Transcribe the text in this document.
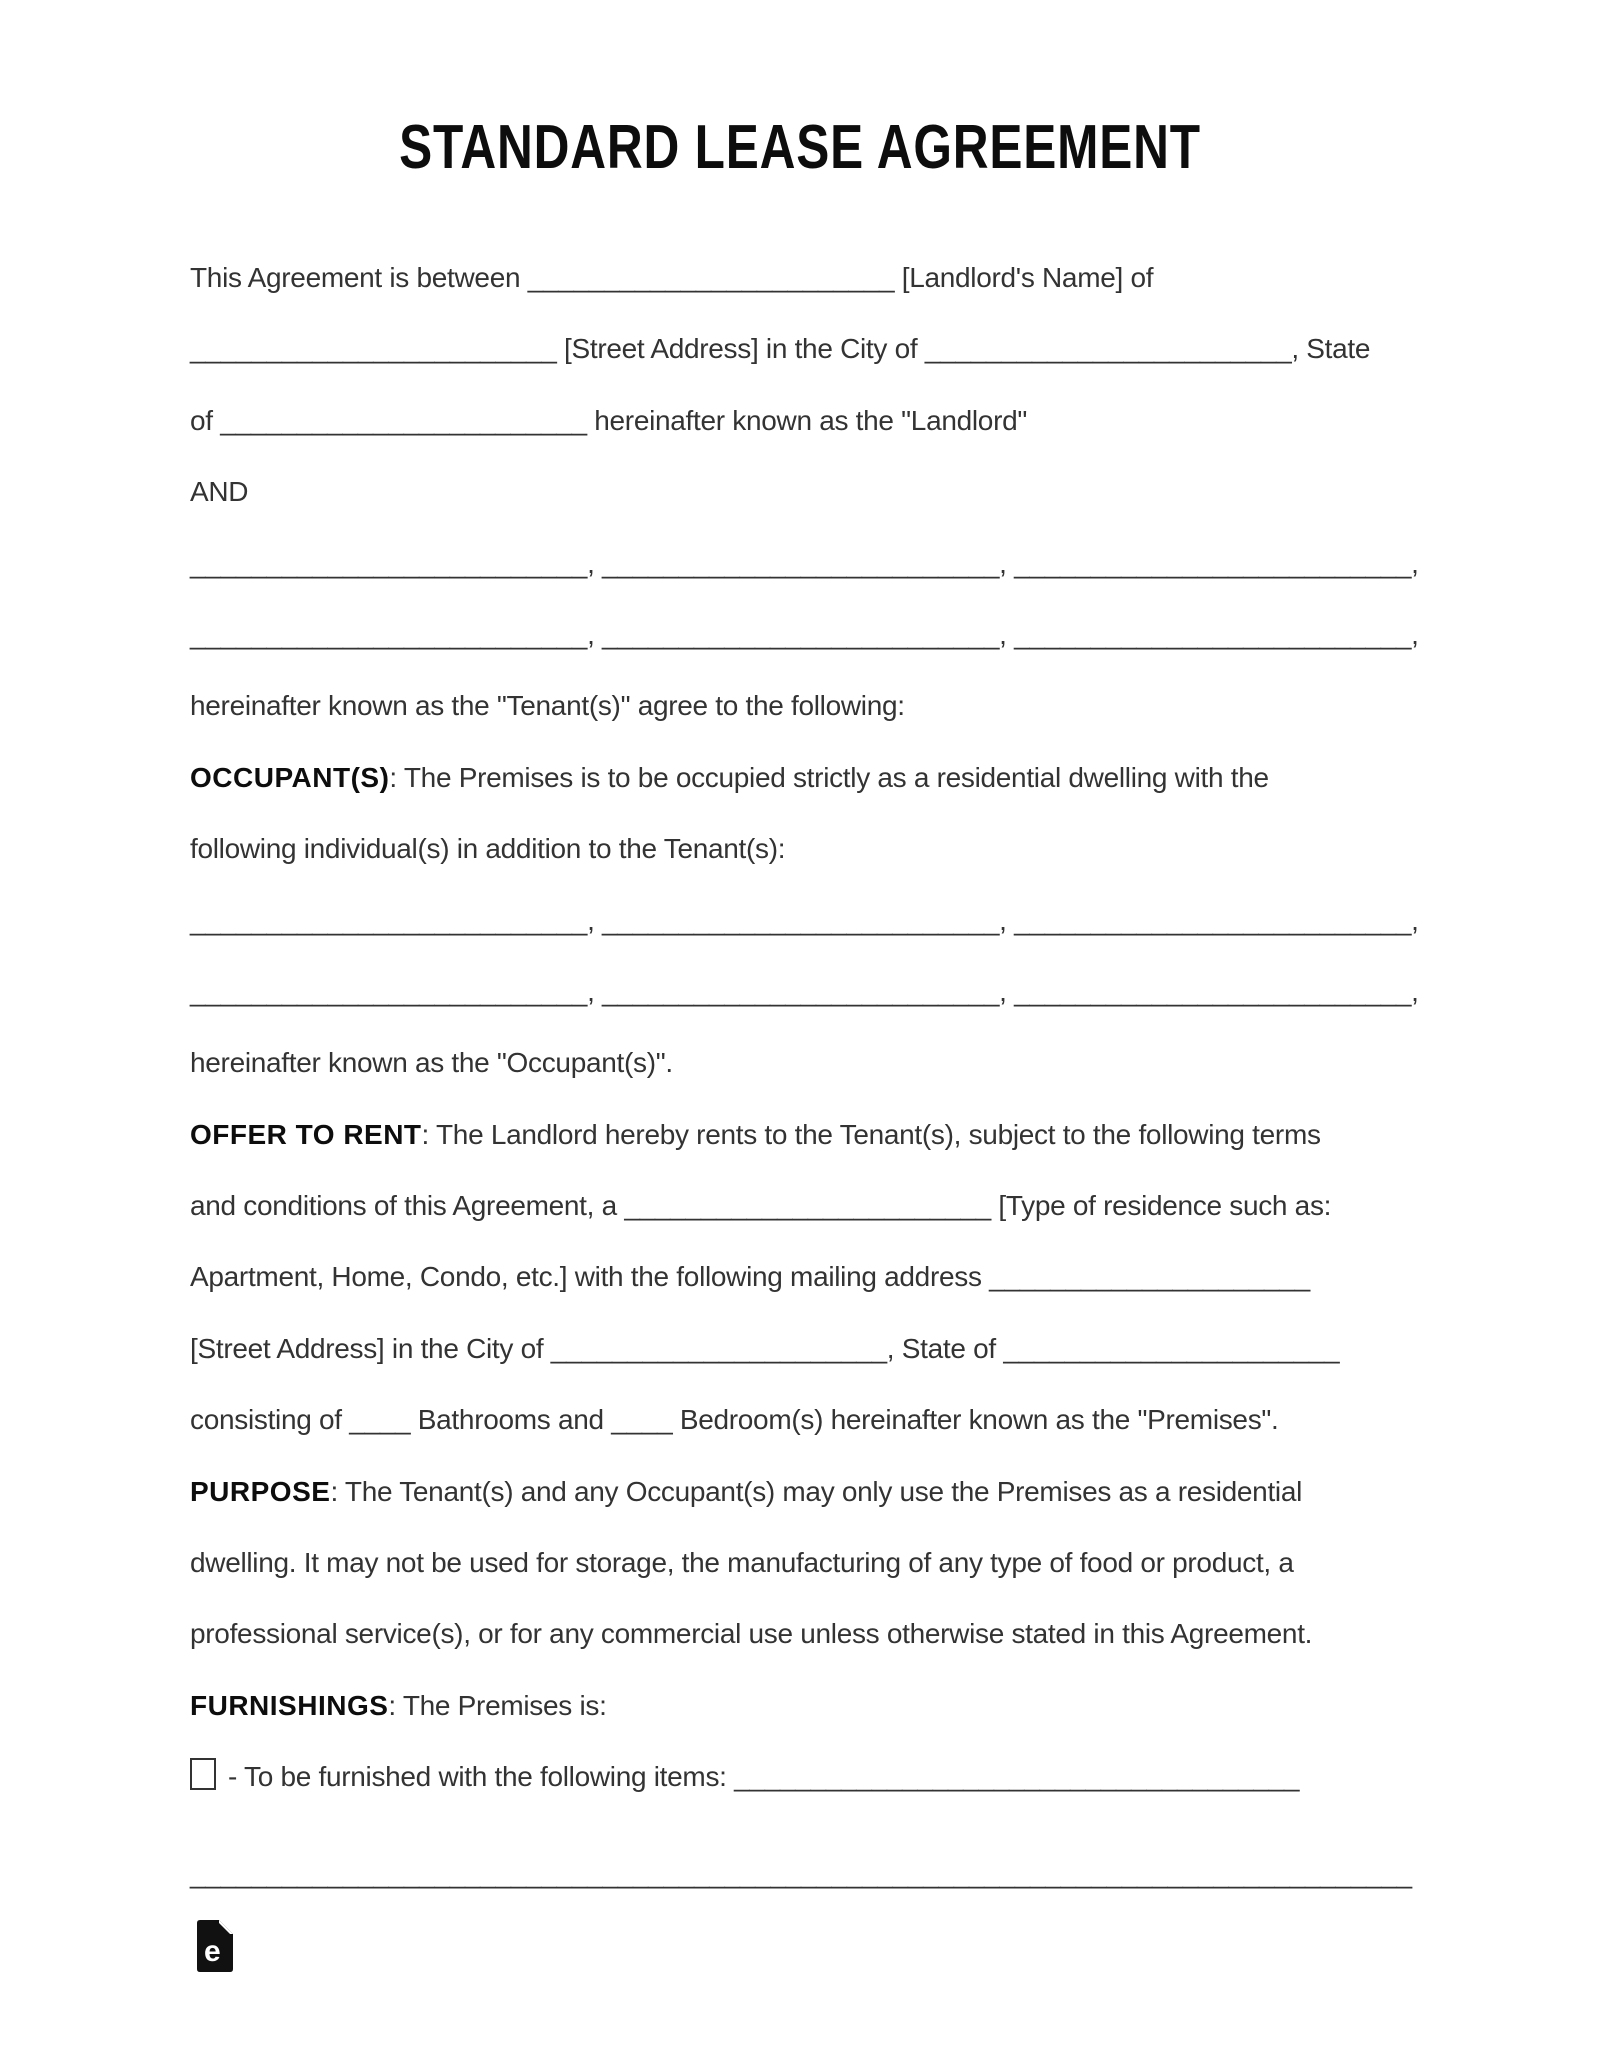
STANDARD LEASE AGREEMENT

This Agreement is between ________________________ [Landlord's Name] of

________________________ [Street Address] in the City of ________________________, State

of ________________________ hereinafter known as the "Landlord"

AND

__________________________, __________________________, __________________________,

__________________________, __________________________, __________________________,

hereinafter known as the "Tenant(s)" agree to the following:

OCCUPANT(S): The Premises is to be occupied strictly as a residential dwelling with the

following individual(s) in addition to the Tenant(s):

__________________________, __________________________, __________________________,

__________________________, __________________________, __________________________,

hereinafter known as the "Occupant(s)".

OFFER TO RENT: The Landlord hereby rents to the Tenant(s), subject to the following terms

and conditions of this Agreement, a ________________________ [Type of residence such as:

Apartment, Home, Condo, etc.] with the following mailing address _____________________

[Street Address] in the City of ______________________, State of ______________________

consisting of ____ Bathrooms and ____ Bedroom(s) hereinafter known as the "Premises".

PURPOSE: The Tenant(s) and any Occupant(s) may only use the Premises as a residential

dwelling. It may not be used for storage, the manufacturing of any type of food or product, a

professional service(s), or for any commercial use unless otherwise stated in this Agreement.

FURNISHINGS: The Premises is:

- To be furnished with the following items: _____________________________________

________________________________________________________________________________

e
